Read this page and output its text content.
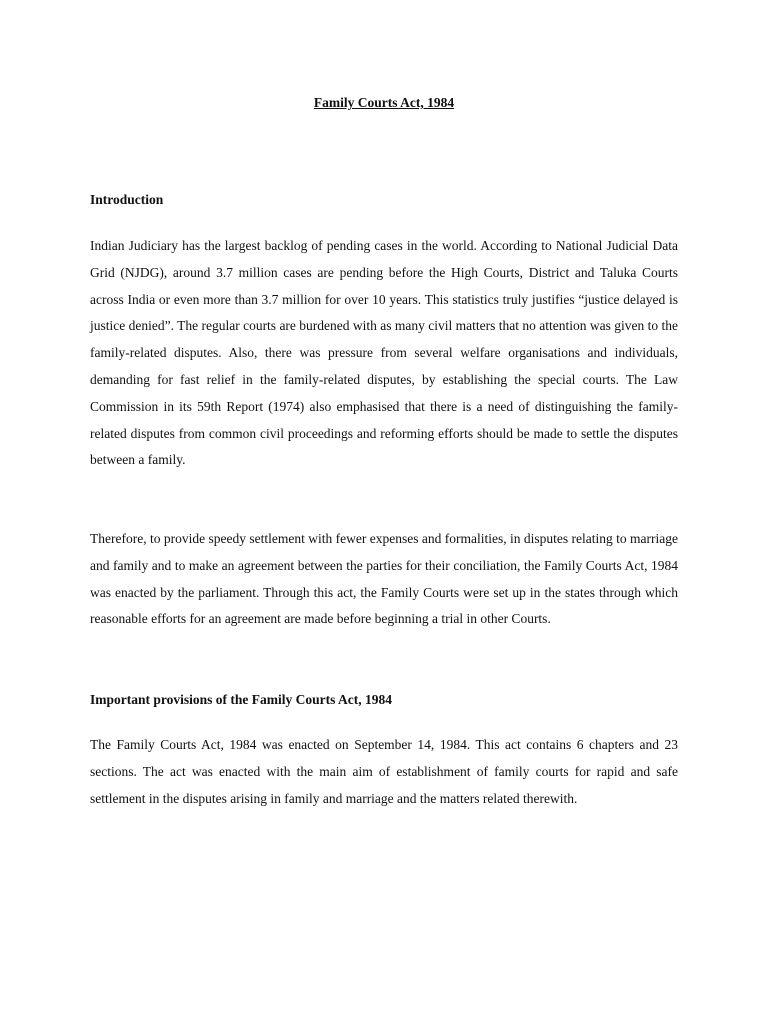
Family Courts Act, 1984
Introduction

Indian Judiciary has the largest backlog of pending cases in the world. According to National Judicial Data Grid (NJDG), around 3.7 million cases are pending before the High Courts, District and Taluka Courts across India or even more than 3.7 million for over 10 years. This statistics truly justifies “justice delayed is justice denied”. The regular courts are burdened with as many civil matters that no attention was given to the family-related disputes. Also, there was pressure from several welfare organisations and individuals, demanding for fast relief in the family-related disputes, by establishing the special courts. The Law Commission in its 59th Report (1974) also emphasised that there is a need of distinguishing the family-related disputes from common civil proceedings and reforming efforts should be made to settle the disputes between a family.

Therefore, to provide speedy settlement with fewer expenses and formalities, in disputes relating to marriage and family and to make an agreement between the parties for their conciliation, the Family Courts Act, 1984 was enacted by the parliament. Through this act, the Family Courts were set up in the states through which reasonable efforts for an agreement are made before beginning a trial in other Courts.

Important provisions of the Family Courts Act, 1984

The Family Courts Act, 1984 was enacted on September 14, 1984. This act contains 6 chapters and 23 sections. The act was enacted with the main aim of establishment of family courts for rapid and safe settlement in the disputes arising in family and marriage and the matters related therewith.
